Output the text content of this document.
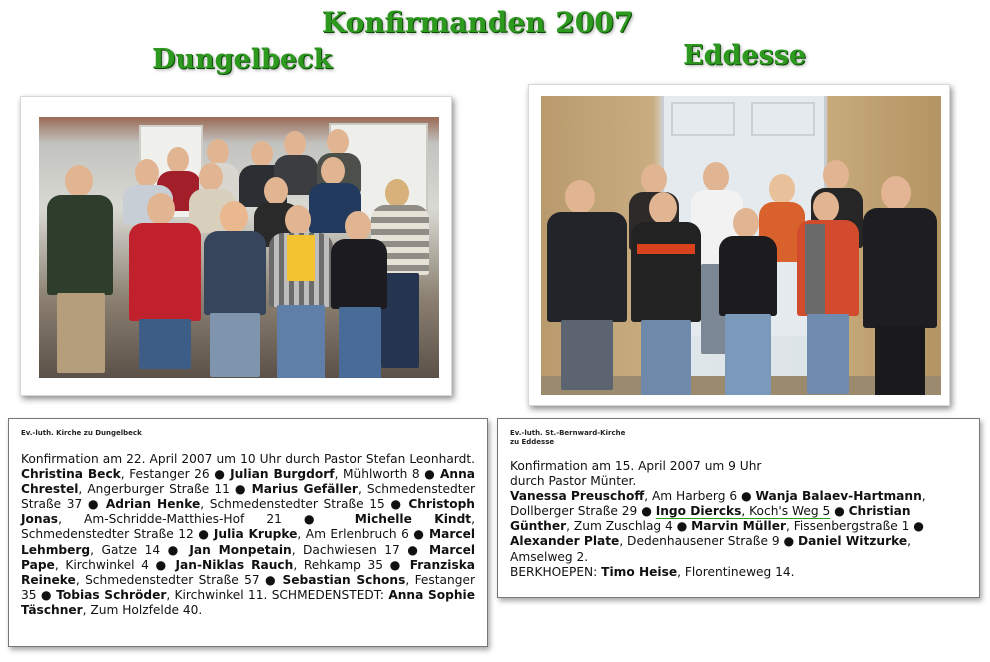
Konfirmanden 2007
Dungelbeck	Eddesse
Ev.-luth. Kirche zu Dungelbeck
Konfirmation am 22. April 2007 um 10 Uhr durch Pastor Stefan Leonhardt. Christina Beck, Festanger 26 ● Julian Burgdorf, Mühlworth 8 ● Anna Chrestel, Angerburger Straße 11 ● Marius Gefäller, Schmedenstedter Straße 37 ● Adrian Henke, Schmedenstedter Straße 15 ● Christoph Jonas, Am-Schridde-Matthies-Hof 21 ● Michelle Kindt, Schmedenstedter Straße 12 ● Julia Krupke, Am Erlenbruch 6 ● Marcel Lehmberg, Gatze 14 ● Jan Monpetain, Dachwiesen 17 ● Marcel Pape, Kirchwinkel 4 ● Jan-Niklas Rauch, Rehkamp 35 ● Franziska Reineke, Schmedenstedter Straße 57 ● Sebastian Schons, Festanger 35 ● Tobias Schröder, Kirchwinkel 11. SCHMEDENSTEDT: Anna Sophie Täschner, Zum Holzfelde 40.
Ev.-luth. St.-Bernward-Kirche
zu Eddesse
Konfirmation am 15. April 2007 um 9 Uhr
durch Pastor Münter.
Vanessa Preuschoff, Am Harberg 6 ● Wanja Balaev-Hartmann, Dollberger Straße 29 ● Ingo Diercks, Koch's Weg 5 ● Christian Günther, Zum Zuschlag 4 ● Marvin Müller, Fissenbergstraße 1 ● Alexander Plate, Dedenhausener Straße 9 ● Daniel Witzurke, Amselweg 2.
BERKHOEPEN: Timo Heise, Florentineweg 14.
